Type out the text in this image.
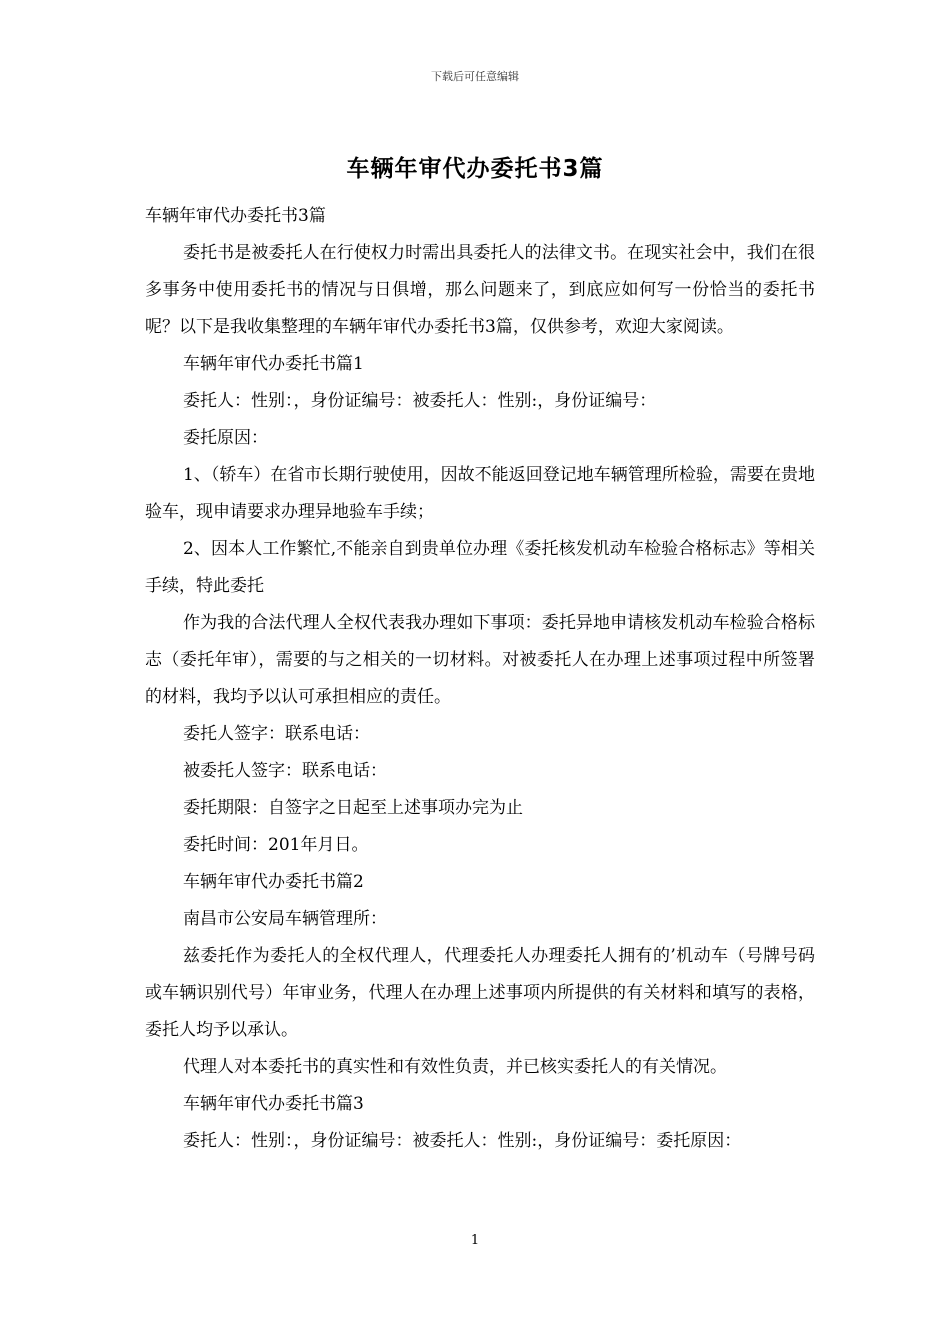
下载后可任意编辑
车辆年审代办委托书3篇

车辆年审代办委托书3篇

委托书是被委托人在行使权力时需出具委托人的法律文书。在现实社会中，我们在很多事务中使用委托书的情况与日俱增，那么问题来了，到底应如何写一份恰当的委托书呢？以下是我收集整理的车辆年审代办委托书3篇，仅供参考，欢迎大家阅读。

车辆年审代办委托书篇1

委托人：性别：，身份证编号：被委托人：性别:，身份证编号：

委托原因：

1、（轿车）在省市长期行驶使用，因故不能返回登记地车辆管理所检验，需要在贵地验车，现申请要求办理异地验车手续；

2、因本人工作繁忙,不能亲自到贵单位办理《委托核发机动车检验合格标志》等相关手续，特此委托

作为我的合法代理人全权代表我办理如下事项：委托异地申请核发机动车检验合格标志（委托年审），需要的与之相关的一切材料。对被委托人在办理上述事项过程中所签署的材料，我均予以认可承担相应的责任。

委托人签字：联系电话：

被委托人签字：联系电话：

委托期限：自签字之日起至上述事项办完为止

委托时间：201年月日。

车辆年审代办委托书篇2

南昌市公安局车辆管理所：

兹委托作为委托人的全权代理人，代理委托人办理委托人拥有的’机动车（号牌号码或车辆识别代号）年审业务，代理人在办理上述事项内所提供的有关材料和填写的表格，委托人均予以承认。

代理人对本委托书的真实性和有效性负责，并已核实委托人的有关情况。

车辆年审代办委托书篇3

委托人：性别：，身份证编号：被委托人：性别:，身份证编号：委托原因：

1
